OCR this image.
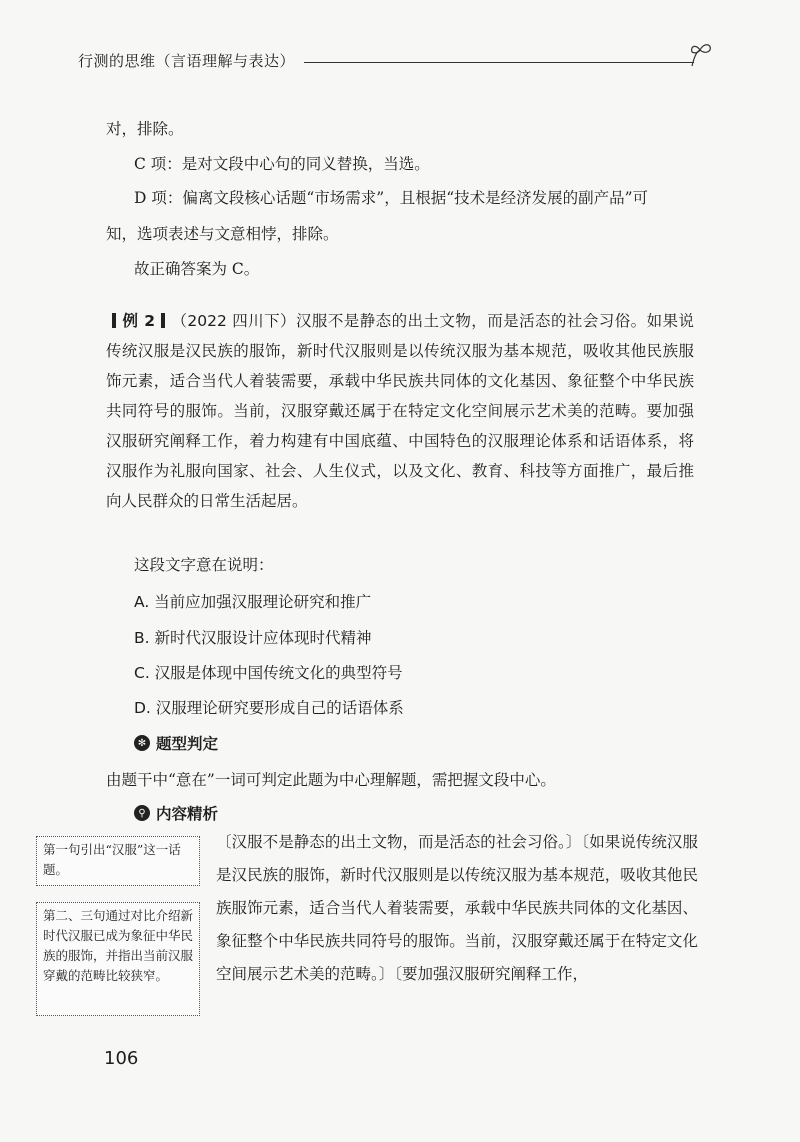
行测的思维（言语理解与表达）

对，排除。

C 项：是对文段中心句的同义替换，当选。

D 项：偏离文段核心话题“市场需求”，且根据“技术是经济发展的副产品”可

知，选项表述与文意相悖，排除。

故正确答案为 C。

例 2 （2022 四川下）汉服不是静态的出土文物，而是活态的社会习俗。如果说传统汉服是汉民族的服饰，新时代汉服则是以传统汉服为基本规范，吸收其他民族服饰元素，适合当代人着装需要，承载中华民族共同体的文化基因、象征整个中华民族共同符号的服饰。当前，汉服穿戴还属于在特定文化空间展示艺术美的范畴。要加强汉服研究阐释工作，着力构建有中国底蕴、中国特色的汉服理论体系和话语体系，将汉服作为礼服向国家、社会、人生仪式，以及文化、教育、科技等方面推广，最后推向人民群众的日常生活起居。

这段文字意在说明：
A. 当前应加强汉服理论研究和推广
B. 新时代汉服设计应体现时代精神
C. 汉服是体现中国传统文化的典型符号
D. 汉服理论研究要形成自己的话语体系
✻ 题型判定
由题干中“意在”一词可判定此题为中心理解题，需把握文段中心。
⚲ 内容精析
第一句引出“汉服”这一话题。
第二、三句通过对比介绍新时代汉服已成为象征中华民族的服饰，并指出当前汉服穿戴的范畴比较狭窄。

〔汉服不是静态的出土文物，而是活态的社会习俗。〕〔如果说传统汉服是汉民族的服饰，新时代汉服则是以传统汉服为基本规范，吸收其他民族服饰元素，适合当代人着装需要，承载中华民族共同体的文化基因、象征整个中华民族共同符号的服饰。当前，汉服穿戴还属于在特定文化空间展示艺术美的范畴。〕〔要加强汉服研究阐释工作，

106
